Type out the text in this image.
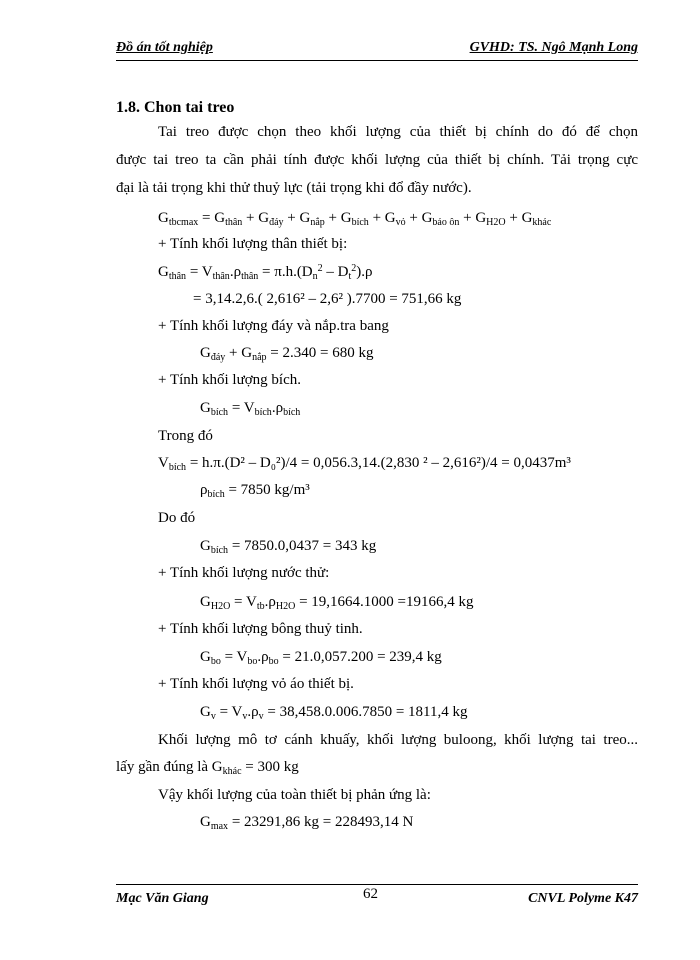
Đồ án tốt nghiệp	GVHD: TS. Ngô Mạnh Long
1.8. Chon tai treo
Tai treo được chọn theo khối lượng của thiết bị chính do đó để chọn
được tai treo ta cần phải tính được khối lượng của thiết bị chính. Tải trọng cực
đại là tải trọng khi thử thuỷ lực (tải trọng khi đổ đầy nước).
$G_{tbcmax} = G_{thân} + G_{đáy} + G_{nắp} + G_{bích} + G_{vỏ} + G_{bảo ôn} + G_{H2O} + G_{khác}$
+ Tính khối lượng thân thiết bị:
$G_{thân} = V_{thân}.\rho_{thân} = \pi.h.(D_n^2 - D_t^2).\rho$
= 3,14.2,6.( 2,616² – 2,6² ).7700 = 751,66 kg
+ Tính khối lượng đáy và nắp.tra bang
$G_{đáy} + G_{nắp} = 2.340 = 680$ kg
+ Tính khối lượng bích.
$G_{bích} = V_{bích}.\rho_{bích}$
Trong đó
$V_{bích} = h.\pi.(D^2 - D_0^2)/4 = 0,056.3,14.(2,830$ ² – 2,616²)/4 = 0,0437m³
$\rho_{bích} = 7850$ kg/m³
Do đó
$G_{bích} = 7850.0,0437 = 343$ kg
+ Tính khối lượng nước thử:
$G_{H2O} = V_{tb}.\rho_{H2O} = 19,1664.1000 =19166,4$ kg
+ Tính khối lượng bông thuỷ tinh.
$G_{bo} = V_{bo}.\rho_{bo} = 21.0,057.200 = 239,4$ kg
+ Tính khối lượng vỏ áo thiết bị.
$G_v = V_v.\rho_v = 38,458.0.006.7850 = 1811,4$ kg
Khối lượng mô tơ cánh khuấy, khối lượng buloong, khối lượng tai treo...
lấy gần đúng là $G_{khác} = 300$ kg
Vậy khối lượng của toàn thiết bị phản ứng là:
$G_{max} = 23291,86$ kg = 228493,14 N
Mạc Văn Giang	62	CNVL Polyme K47
